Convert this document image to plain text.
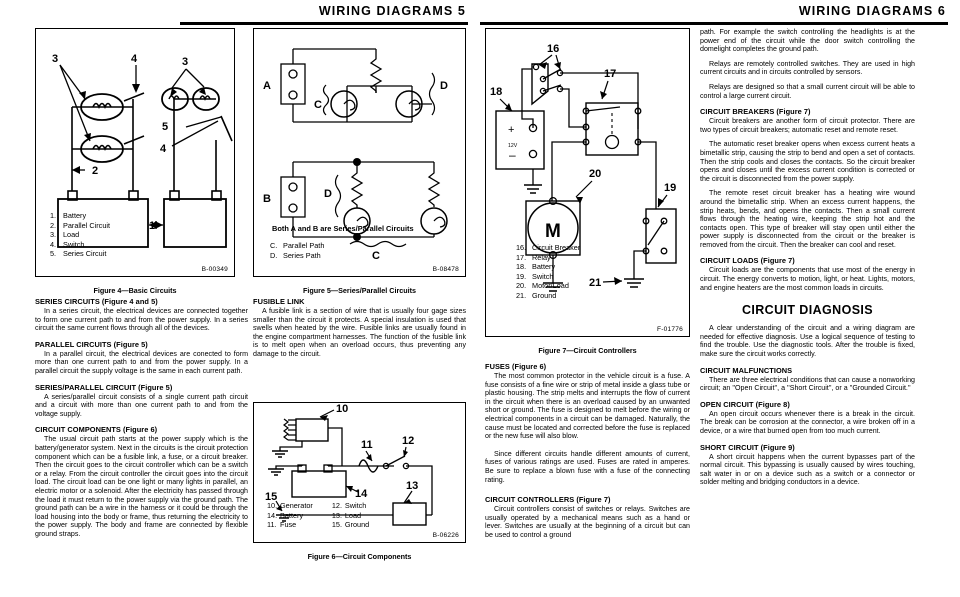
WIRING DIAGRAMS 5
3	4	3
2
5
4
1
1. Battery
2. Parallel Circuit
3. Load
4. Switch
5. Series Circuit
B-00349
Figure 4—Basic Circuits
A
B
C
D
D
C
Both A and B are Series/Parallel Circuits
C. Parallel Path
D. Series Path
B-08478
Figure 5—Series/Parallel Circuits
SERIES CIRCUITS (Figure 4 and 5)

In a series circuit, the electrical devices are connected together to form one current path to and from the power supply. In a series circuit the same current flows through all of the devices.

PARALLEL CIRCUITS (Figure 5)

In a parallel circuit, the electrical devices are conected to form more than one current path to and from the power supply. In a parallel circuit the supply voltage is the same in each current path.

SERIES/PARALLEL CIRCUIT (Figure 5)

A series/parallel circuit consists of a single current path circuit and a circuit with more than one current path to and from the voltage supply.

CIRCUIT COMPONENTS (Figure 6)

The usual circuit path starts at the power supply which is the battery/generator system. Next in the circuits is the circuit protection component which can be a fusible link, a fuse, or a circuit breaker. Then the circuit goes to the circuit controller which can be a switch or a relay. From the circuit controller the circuit goes into the circuit load. The circuit load can be one light or many lights in parallel, an electric motor or a solenoid. After the electricity has passed through the load it must return to the power supply via the ground path. The ground path can be a wire in the harness or it could be through the load housing into the body or frame, thus returning the electricity to the power supply. The body and frame are connected by flexible ground straps.

FUSIBLE LINK

A fusible link is a section of wire that is usually four gage sizes smaller than the circuit it protects. A special insulation is used that swells when heated by the wire. Fusible links are usually found in the engine compartment harnesses. The function of the fusible link is to melt open when an overload occurs, thus preventing any damage to the circuit.

10
11	12
13
14
15
10. Generator
14. Battery
11. Fuse
12. Switch
13. Load
15. Ground
B-06226
Figure 6—Circuit Components
WIRING DIAGRAMS 6
16
17
18
19
20
21
+
–
12V
M
16. Circuit Breaker
17. Relay
18. Battery
19. Switch
20. Motor/Load
21. Ground
F-01776
Figure 7—Circuit Controllers
FUSES (Figure 6)

The most common protector in the vehicle circuit is a fuse. A fuse consists of a fine wire or strip of metal inside a glass tube or plastic housing. The strip melts and interrupts the flow of current in the circuit when there is an overload caused by an unwanted short or ground. The fuse is designed to melt before the wiring or electrical components in a circuit can be damaged. Naturally, the cause must be located and corrected before the fuse is replaced or the new fuse will also blow.

Since different circuits handle different amounts of current, fuses of various ratings are used. Fuses are rated in amperes. Be sure to replace a blown fuse with a fuse of the connecting rating.

CIRCUIT CONTROLLERS (Figure 7)

Circuit controllers consist of switches or relays. Switches are usually operated by a mechanical means such as a hand or lever. Switches are usually at the beginning of a circuit but can be used to control a ground

path. For example the switch controlling the headlights is at the power end of the circuit while the door switch controlling the domelight completes the ground path.

Relays are remotely controlled switches. They are used in high current circuits and in circuits controlled by sensors.

Relays are designed so that a small current circuit will be able to control a large current circuit.

CIRCUIT BREAKERS (Figure 7)

Circuit breakers are another form of circuit protector. There are two types of circuit breakers; automatic reset and remote reset.

The automatic reset breaker opens when excess current heats a bimetallic strip, causing the strip to bend and open a set of contacts. Then the strip cools and closes the contacts. So the circuit breaker opens and closes until the excess current condition is corrected or the circuit is disconnected from the power supply.

The remote reset circuit breaker has a heating wire wound around the bimetallic strip. When an excess current happens, the strip heats, bends, and opens the contacts. Then a small current flows through the heating wire, keeping the strip hot and the contacts open. This type of breaker will stay open until either the power supply is disconnected from the circuit or the breaker is removed from the circuit. Then the breaker can cool and reset.

CIRCUIT LOADS (Figure 7)

Circuit loads are the components that use most of the energy in circuit. The energy converts to motion, light, or heat. Lights, motors, and engine heaters are the most common loads in circuits.

CIRCUIT DIAGNOSIS

A clear understanding of the circuit and a wiring diagram are needed for effective diagnosis. Use a logical sequence of testing to find the trouble. Use the diagnostic tools. After the trouble is fixed, make sure the circuit works correctly.

CIRCUIT MALFUNCTIONS

There are three electrical conditions that can cause a nonworking circuit; an ''Open Circuit'', a ''Short Circuit'', or a ''Grounded Circuit.''

OPEN CIRCUIT (Figure 8)

An open circuit occurs whenever there is a break in the circuit. The break can be corrosion at the connector, a wire broken off in a device, or a wire that burned open from too much current.

SHORT CIRCUIT (Figure 9)

A short circuit happens when the current bypasses part of the normal circuit. This bypassing is usually caused by wires touching, salt water in or on a device such as a switch or a connector or solder melting and bridging conductors in a device.
